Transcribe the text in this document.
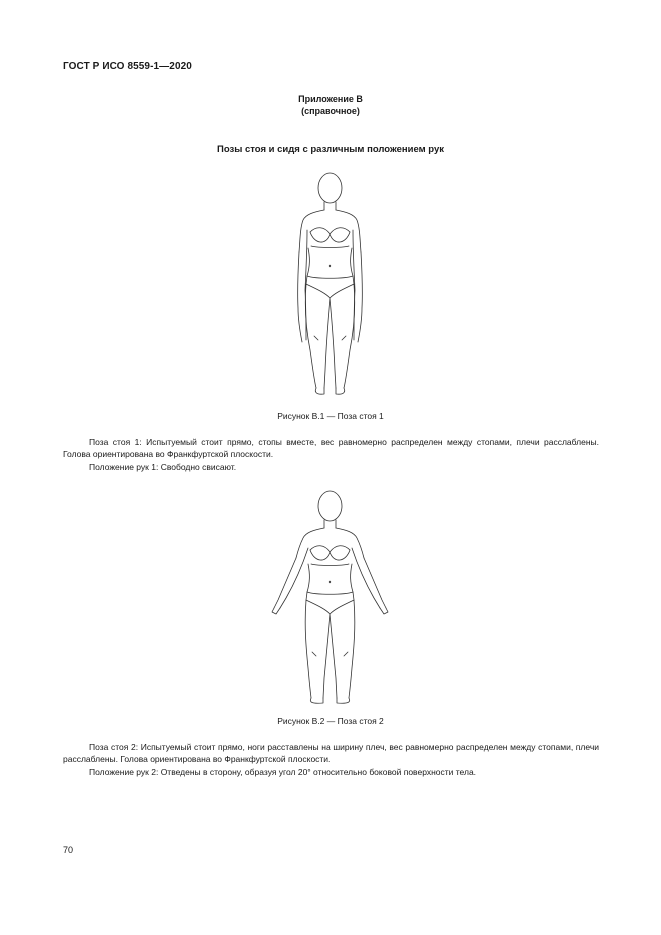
ГОСТ Р ИСО 8559-1—2020
Приложение В
(справочное)
Позы стоя и сидя с различным положением рук
Рисунок В.1 — Поза стоя 1
Поза стоя 1: Испытуемый стоит прямо, стопы вместе, вес равномерно распределен между стопами, плечи расслаблены. Голова ориентирована во Франкфуртской плоскости.
Положение рук 1: Свободно свисают.
Рисунок В.2 — Поза стоя 2
Поза стоя 2: Испытуемый стоит прямо, ноги расставлены на ширину плеч, вес равномерно распределен между стопами, плечи расслаблены. Голова ориентирована во Франкфуртской плоскости.
Положение рук 2: Отведены в сторону, образуя угол 20° относительно боковой поверхности тела.
70
